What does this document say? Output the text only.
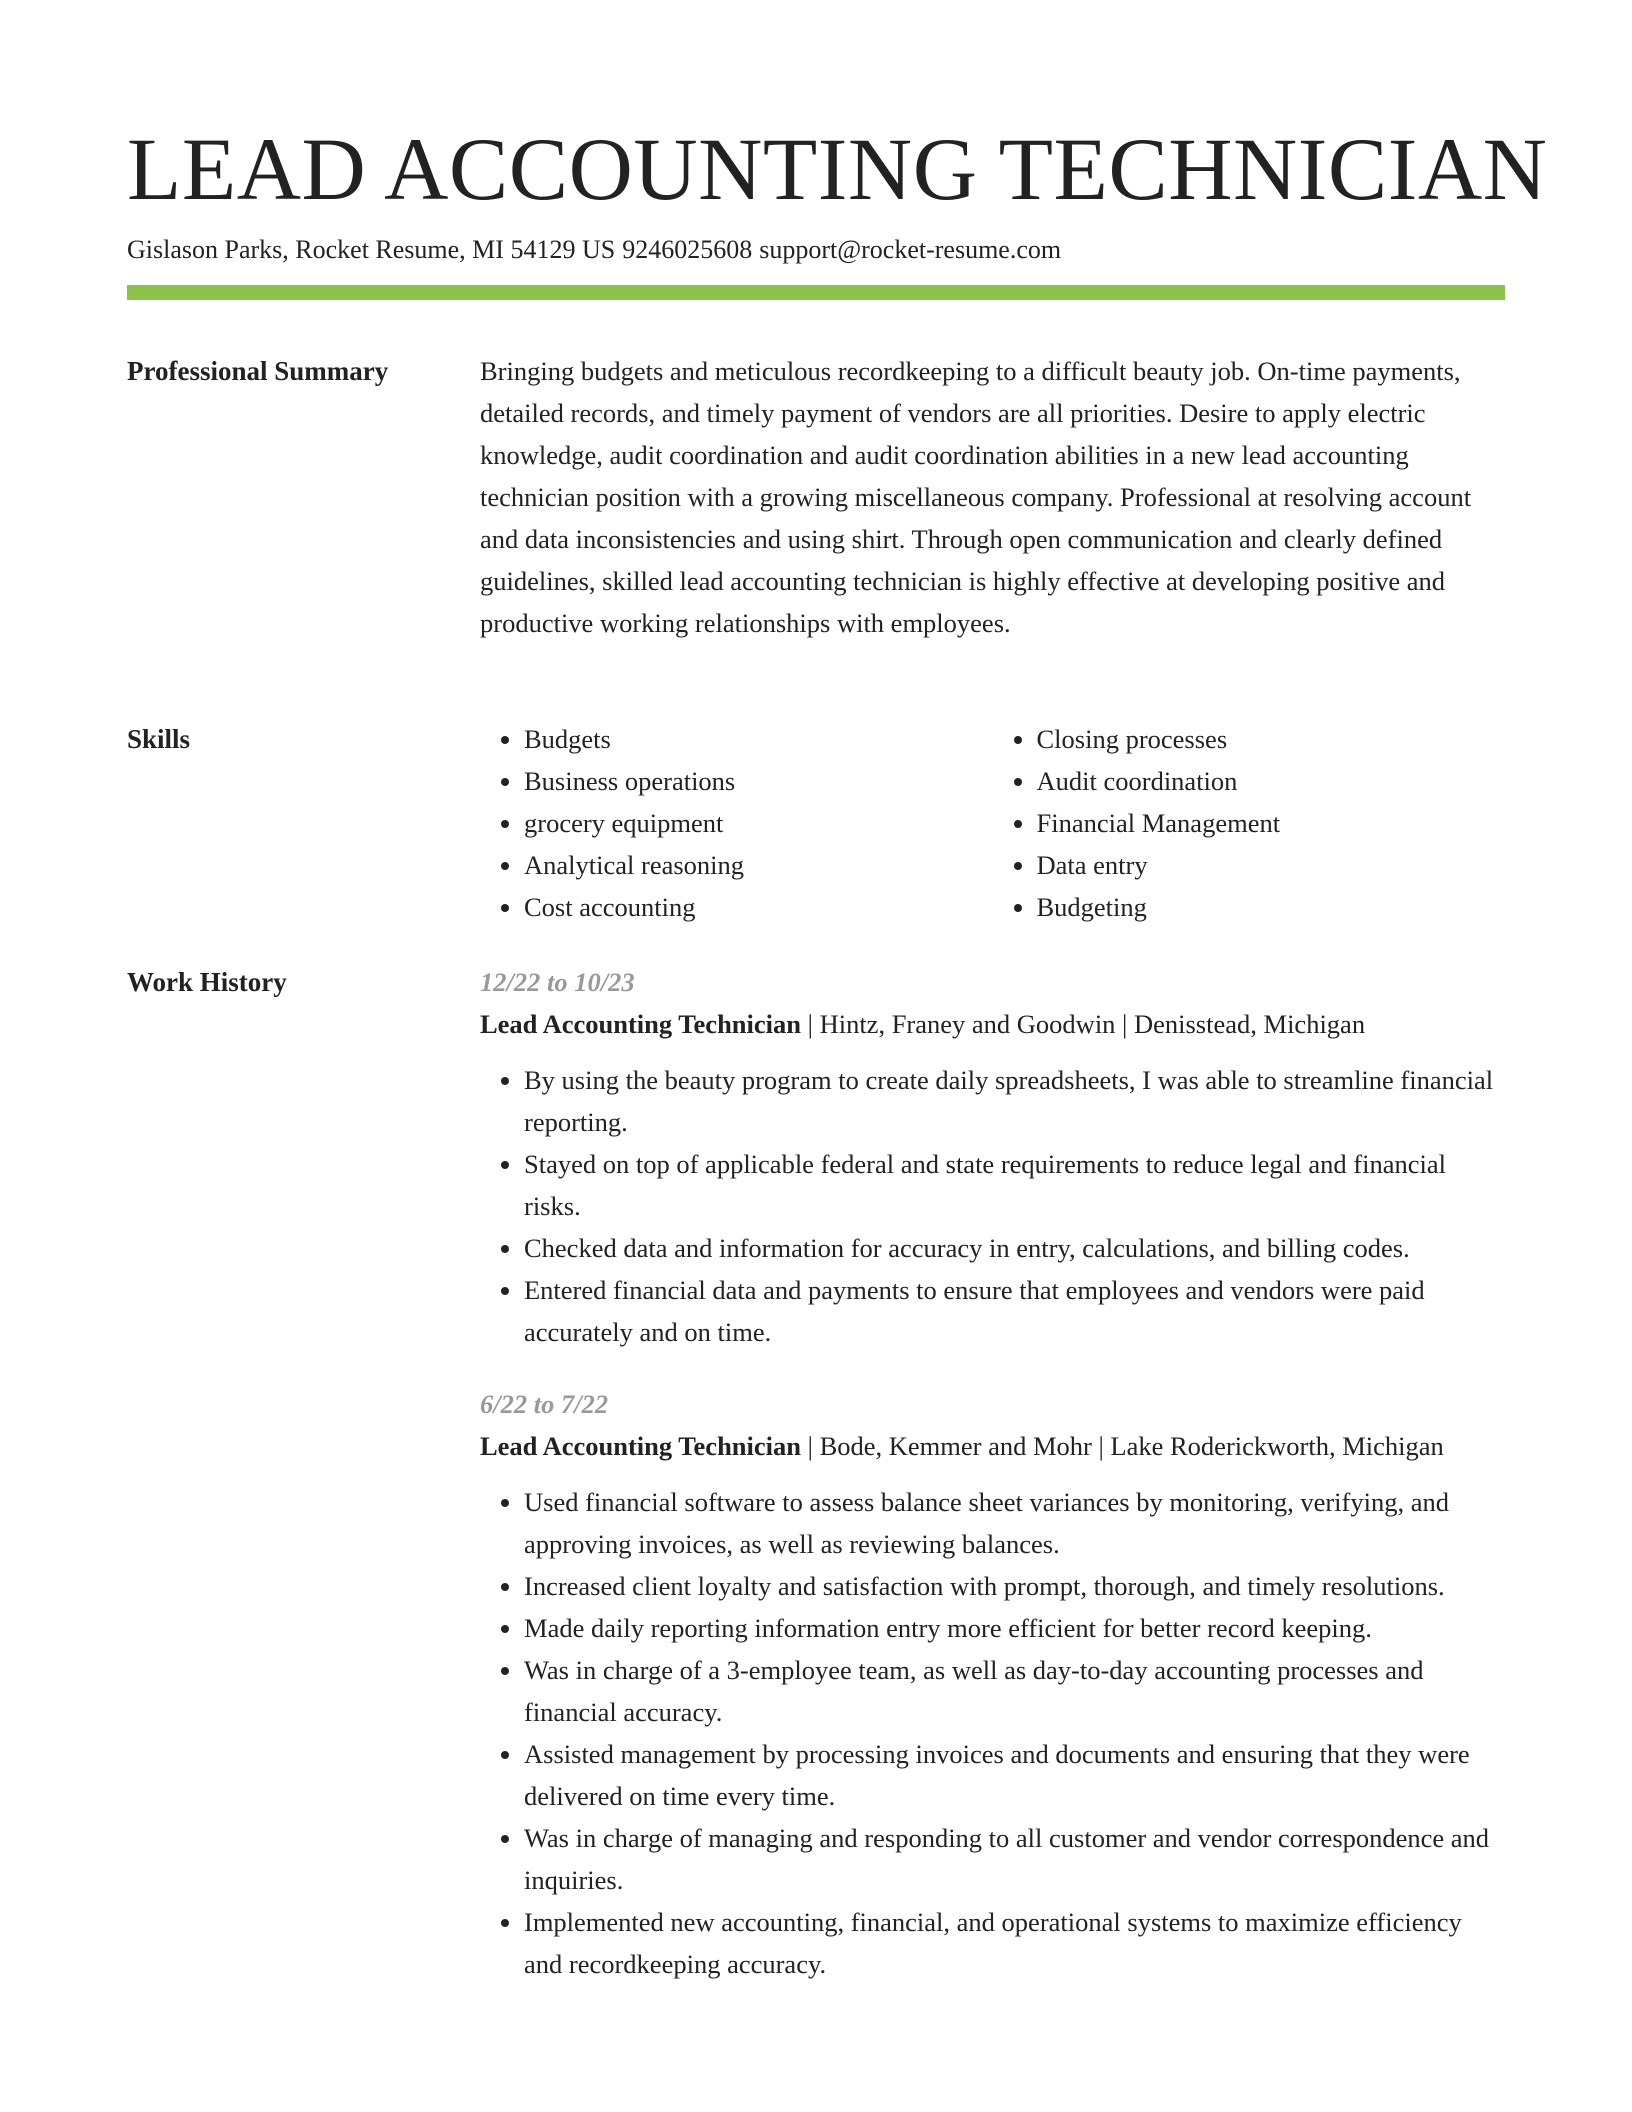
LEAD ACCOUNTING TECHNICIAN
Gislason Parks, Rocket Resume, MI 54129 US 9246025608 support@rocket-resume.com
Professional Summary	Bringing budgets and meticulous recordkeeping to a difficult beauty job. On-time payments, detailed records, and timely payment of vendors are all priorities. Desire to apply electric knowledge, audit coordination and audit coordination abilities in a new lead accounting technician position with a growing miscellaneous company. Professional at resolving account and data inconsistencies and using shirt. Through open communication and clearly defined guidelines, skilled lead accounting technician is highly effective at developing positive and productive working relationships with employees.
Skills
•	Budgets
• Business operations
• grocery equipment
• Analytical reasoning
• Cost accounting
• Closing processes
• Audit coordination
• Financial Management
• Data entry
• Budgeting
Work History	12/22 to 10/23
Lead Accounting Technician | Hintz, Franey and Goodwin | Denisstead, Michigan
• By using the beauty program to create daily spreadsheets, I was able to streamline financial reporting.
• Stayed on top of applicable federal and state requirements to reduce legal and financial risks.
• Checked data and information for accuracy in entry, calculations, and billing codes.
• Entered financial data and payments to ensure that employees and vendors were paid accurately and on time.
6/22 to 7/22
Lead Accounting Technician | Bode, Kemmer and Mohr | Lake Roderickworth, Michigan
• Used financial software to assess balance sheet variances by monitoring, verifying, and approving invoices, as well as reviewing balances.
• Increased client loyalty and satisfaction with prompt, thorough, and timely resolutions.
• Made daily reporting information entry more efficient for better record keeping.
• Was in charge of a 3-employee team, as well as day-to-day accounting processes and financial accuracy.
• Assisted management by processing invoices and documents and ensuring that they were delivered on time every time.
• Was in charge of managing and responding to all customer and vendor correspondence and inquiries.
• Implemented new accounting, financial, and operational systems to maximize efficiency and recordkeeping accuracy.
